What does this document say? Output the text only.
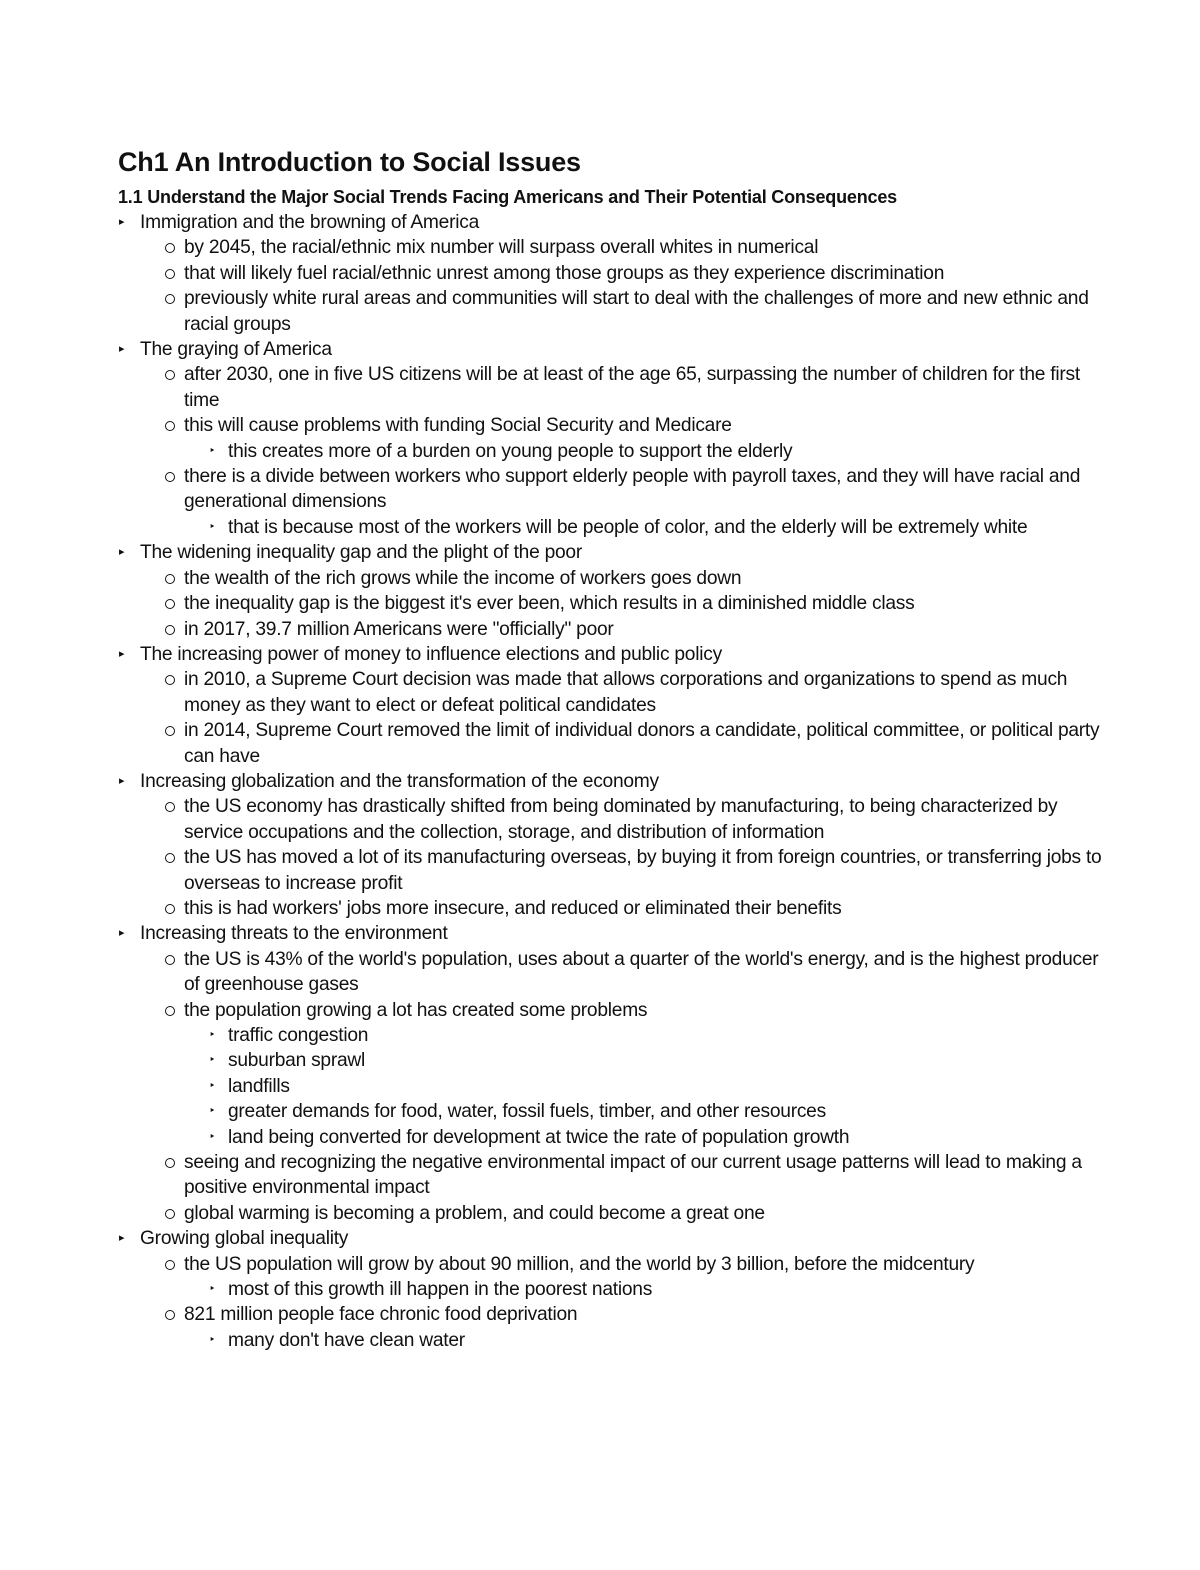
Ch1 An Introduction to Social Issues
1.1 Understand the Major Social Trends Facing Americans and Their Potential Consequences
▸ Immigration and the browning of America
by 2045, the racial/ethnic mix number will surpass overall whites in numerical
that will likely fuel racial/ethnic unrest among those groups as they experience discrimination
previously white rural areas and communities will start to deal with the challenges of more and new ethnic and racial groups
▸ The graying of America
after 2030, one in five US citizens will be at least of the age 65, surpassing the number of children for the first time
this will cause problems with funding Social Security and Medicare
‣ this creates more of a burden on young people to support the elderly
there is a divide between workers who support elderly people with payroll taxes, and they will have racial and generational dimensions
‣ that is because most of the workers will be people of color, and the elderly will be extremely white
▸ The widening inequality gap and the plight of the poor
the wealth of the rich grows while the income of workers goes down
the inequality gap is the biggest it's ever been, which results in a diminished middle class
in 2017, 39.7 million Americans were "officially" poor
▸ The increasing power of money to influence elections and public policy
in 2010, a Supreme Court decision was made that allows corporations and organizations to spend as much money as they want to elect or defeat political candidates
in 2014, Supreme Court removed the limit of individual donors a candidate, political committee, or political party can have
▸ Increasing globalization and the transformation of the economy
the US economy has drastically shifted from being dominated by manufacturing, to being characterized by service occupations and the collection, storage, and distribution of information
the US has moved a lot of its manufacturing overseas, by buying it from foreign countries, or transferring jobs to overseas to increase profit
this is had workers' jobs more insecure, and reduced or eliminated their benefits
▸ Increasing threats to the environment
the US is 43% of the world's population, uses about a quarter of the world's energy, and is the highest producer of greenhouse gases
the population growing a lot has created some problems
‣ traffic congestion
‣ suburban sprawl
‣ landfills
‣ greater demands for food, water, fossil fuels, timber, and other resources
‣ land being converted for development at twice the rate of population growth
seeing and recognizing the negative environmental impact of our current usage patterns will lead to making a positive environmental impact
global warming is becoming a problem, and could become a great one
▸ Growing global inequality
the US population will grow by about 90 million, and the world by 3 billion, before the midcentury
‣ most of this growth ill happen in the poorest nations
821 million people face chronic food deprivation
‣ many don't have clean water
